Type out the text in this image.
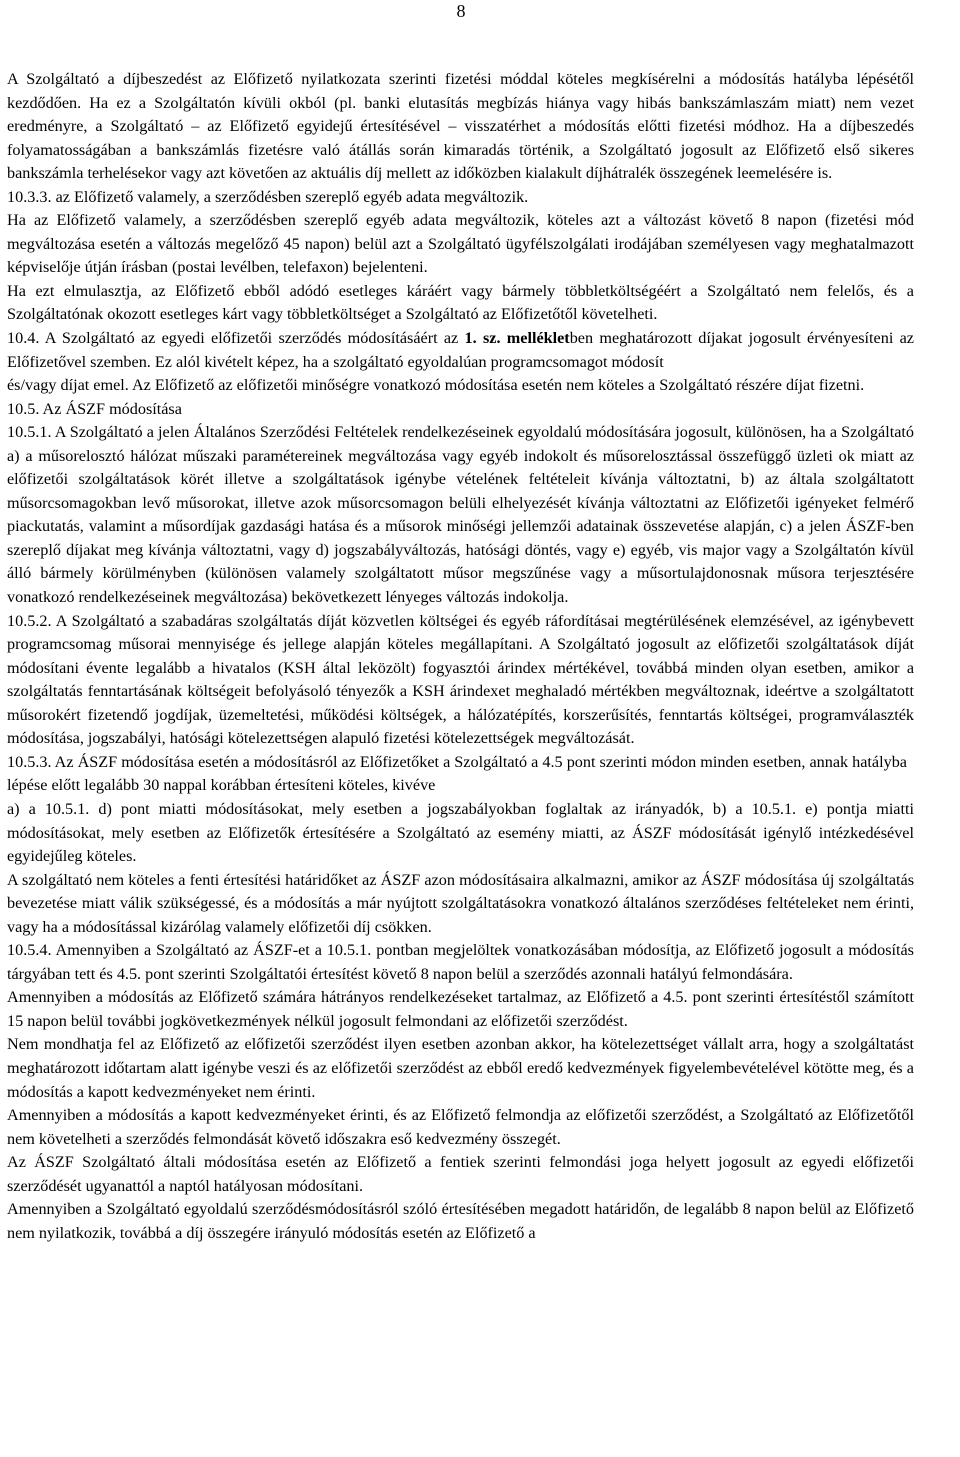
8

A Szolgáltató a díjbeszedést az Előfizető nyilatkozata szerinti fizetési móddal köteles megkísérelni a módosítás hatályba lépésétől kezdődően. Ha ez a Szolgáltatón kívüli okból (pl. banki elutasítás megbízás hiánya vagy hibás bankszámlaszám miatt) nem vezet eredményre, a Szolgáltató – az Előfizető egyidejű értesítésével – visszatérhet a módosítás előtti fizetési módhoz. Ha a díjbeszedés folyamatosságában a bankszámlás fizetésre való átállás során kimaradás történik, a Szolgáltató jogosult az Előfizető első sikeres bankszámla terhelésekor vagy azt követően az aktuális díj mellett az időközben kialakult díjhátralék összegének leemelésére is.

10.3.3. az Előfizető valamely, a szerződésben szereplő egyéb adata megváltozik.

Ha az Előfizető valamely, a szerződésben szereplő egyéb adata megváltozik, köteles azt a változást követő 8 napon (fizetési mód megváltozása esetén a változás megelőző 45 napon) belül azt a Szolgáltató ügyfélszolgálati irodájában személyesen vagy meghatalmazott képviselője útján írásban (postai levélben, telefaxon) bejelenteni.

Ha ezt elmulasztja, az Előfizető ebből adódó esetleges káráért vagy bármely többletköltségéért a Szolgáltató nem felelős, és a Szolgáltatónak okozott esetleges kárt vagy többletköltséget a Szolgáltató az Előfizetőtől követelheti.

10.4. A Szolgáltató az egyedi előfizetői szerződés módosításáért az 1. sz. mellékletben meghatározott díjakat jogosult érvényesíteni az Előfizetővel szemben. Ez alól kivételt képez, ha a szolgáltató egyoldalúan programcsomagot módosít

és/vagy díjat emel. Az Előfizető az előfizetői minőségre vonatkozó módosítása esetén nem köteles a Szolgáltató részére díjat fizetni.

10.5. Az ÁSZF módosítása

10.5.1. A Szolgáltató a jelen Általános Szerződési Feltételek rendelkezéseinek egyoldalú módosítására jogosult, különösen, ha a Szolgáltató a) a műsorelosztó hálózat műszaki paramétereinek megváltozása vagy egyéb indokolt és műsorelosztással összefüggő üzleti ok miatt az előfizetői szolgáltatások körét illetve a szolgáltatások igénybe vételének feltételeit kívánja változtatni, b) az általa szolgáltatott műsorcsomagokban levő műsorokat, illetve azok műsorcsomagon belüli elhelyezését kívánja változtatni az Előfizetői igényeket felmérő piackutatás, valamint a műsordíjak gazdasági hatása és a műsorok minőségi jellemzői adatainak összevetése alapján, c) a jelen ÁSZF-ben szereplő díjakat meg kívánja változtatni, vagy d) jogszabályváltozás, hatósági döntés, vagy e) egyéb, vis major vagy a Szolgáltatón kívül álló bármely körülményben (különösen valamely szolgáltatott műsor megszűnése vagy a műsortulajdonosnak műsora terjesztésére vonatkozó rendelkezéseinek megváltozása) bekövetkezett lényeges változás indokolja.

10.5.2. A Szolgáltató a szabadáras szolgáltatás díját közvetlen költségei és egyéb ráfordításai megtérülésének elemzésével, az igénybevett programcsomag műsorai mennyisége és jellege alapján köteles megállapítani. A Szolgáltató jogosult az előfizetői szolgáltatások díját módosítani évente legalább a hivatalos (KSH által leközölt) fogyasztói árindex mértékével, továbbá minden olyan esetben, amikor a szolgáltatás fenntartásának költségeit befolyásoló tényezők a KSH árindexet meghaladó mértékben megváltoznak, ideértve a szolgáltatott műsorokért fizetendő jogdíjak, üzemeltetési, működési költségek, a hálózatépítés, korszerűsítés, fenntartás költségei, programválaszték módosítása, jogszabályi, hatósági kötelezettségen alapuló fizetési kötelezettségek megváltozását.

10.5.3. Az ÁSZF módosítása esetén a módosításról az Előfizetőket a Szolgáltató a 4.5 pont szerinti módon minden esetben, annak hatályba lépése előtt legalább 30 nappal korábban értesíteni köteles, kivéve

a) a 10.5.1. d) pont miatti módosításokat, mely esetben a jogszabályokban foglaltak az irányadók, b) a 10.5.1. e) pontja miatti módosításokat, mely esetben az Előfizetők értesítésére a Szolgáltató az esemény miatti, az ÁSZF módosítását igénylő intézkedésével egyidejűleg köteles.

A szolgáltató nem köteles a fenti értesítési határidőket az ÁSZF azon módosításaira alkalmazni, amikor az ÁSZF módosítása új szolgáltatás bevezetése miatt válik szükségessé, és a módosítás a már nyújtott szolgáltatásokra vonatkozó általános szerződéses feltételeket nem érinti, vagy ha a módosítással kizárólag valamely előfizetői díj csökken.

10.5.4. Amennyiben a Szolgáltató az ÁSZF-et a 10.5.1. pontban megjelöltek vonatkozásában módosítja, az Előfizető jogosult a módosítás tárgyában tett és 4.5. pont szerinti Szolgáltatói értesítést követő 8 napon belül a szerződés azonnali hatályú felmondására.

Amennyiben a módosítás az Előfizető számára hátrányos rendelkezéseket tartalmaz, az Előfizető a 4.5. pont szerinti értesítéstől számított 15 napon belül további jogkövetkezmények nélkül jogosult felmondani az előfizetői szerződést.

Nem mondhatja fel az Előfizető az előfizetői szerződést ilyen esetben azonban akkor, ha kötelezettséget vállalt arra, hogy a szolgáltatást meghatározott időtartam alatt igénybe veszi és az előfizetői szerződést az ebből eredő kedvezmények figyelembevételével kötötte meg, és a módosítás a kapott kedvezményeket nem érinti.

Amennyiben a módosítás a kapott kedvezményeket érinti, és az Előfizető felmondja az előfizetői szerződést, a Szolgáltató az Előfizetőtől nem követelheti a szerződés felmondását követő időszakra eső kedvezmény összegét.

Az ÁSZF Szolgáltató általi módosítása esetén az Előfizető a fentiek szerinti felmondási joga helyett jogosult az egyedi előfizetői szerződését ugyanattól a naptól hatályosan módosítani.

Amennyiben a Szolgáltató egyoldalú szerződésmódosításról szóló értesítésében megadott határidőn, de legalább 8 napon belül az Előfizető nem nyilatkozik, továbbá a díj összegére irányuló módosítás esetén az Előfizető a
